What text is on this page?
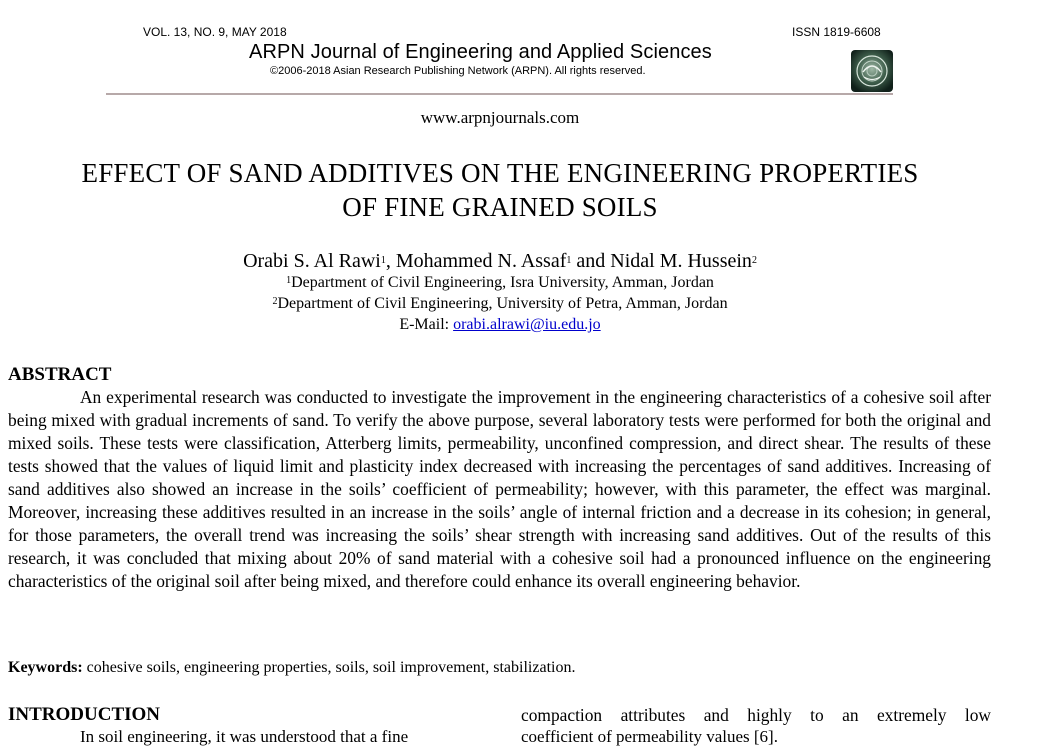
VOL. 13, NO. 9, MAY 2018	ISSN 1819-6608
ARPN Journal of Engineering and Applied Sciences
©2006-2018 Asian Research Publishing Network (ARPN). All rights reserved.
www.arpnjournals.com
EFFECT OF SAND ADDITIVES ON THE ENGINEERING PROPERTIES
OF FINE GRAINED SOILS
Orabi S. Al Rawi$^1$, Mohammed N. Assaf$^1$ and Nidal M. Hussein$^2$
$^1$Department of Civil Engineering, Isra University, Amman, Jordan
$^2$Department of Civil Engineering, University of Petra, Amman, Jordan
E-Mail: orabi.alrawi@iu.edu.jo
ABSTRACT

An experimental research was conducted to investigate the improvement in the engineering characteristics of a cohesive soil after being mixed with gradual increments of sand. To verify the above purpose, several laboratory tests were performed for both the original and mixed soils. These tests were classification, Atterberg limits, permeability, unconfined compression, and direct shear. The results of these tests showed that the values of liquid limit and plasticity index decreased with increasing the percentages of sand additives. Increasing of sand additives also showed an increase in the soils’ coefficient of permeability; however, with this parameter, the effect was marginal. Moreover, increasing these additives resulted in an increase in the soils’ angle of internal friction and a decrease in its cohesion; in general, for those parameters, the overall trend was increasing the soils’ shear strength with increasing sand additives. Out of the results of this research, it was concluded that mixing about 20% of sand material with a cohesive soil had a pronounced influence on the engineering characteristics of the original soil after being mixed, and therefore could enhance its overall engineering behavior.

Keywords: cohesive soils, engineering properties, soils, soil improvement, stabilization.
INTRODUCTION	compaction attributes and highly to an extremely low
In soil engineering, it was understood that a fine	coefficient of permeability values [6].
